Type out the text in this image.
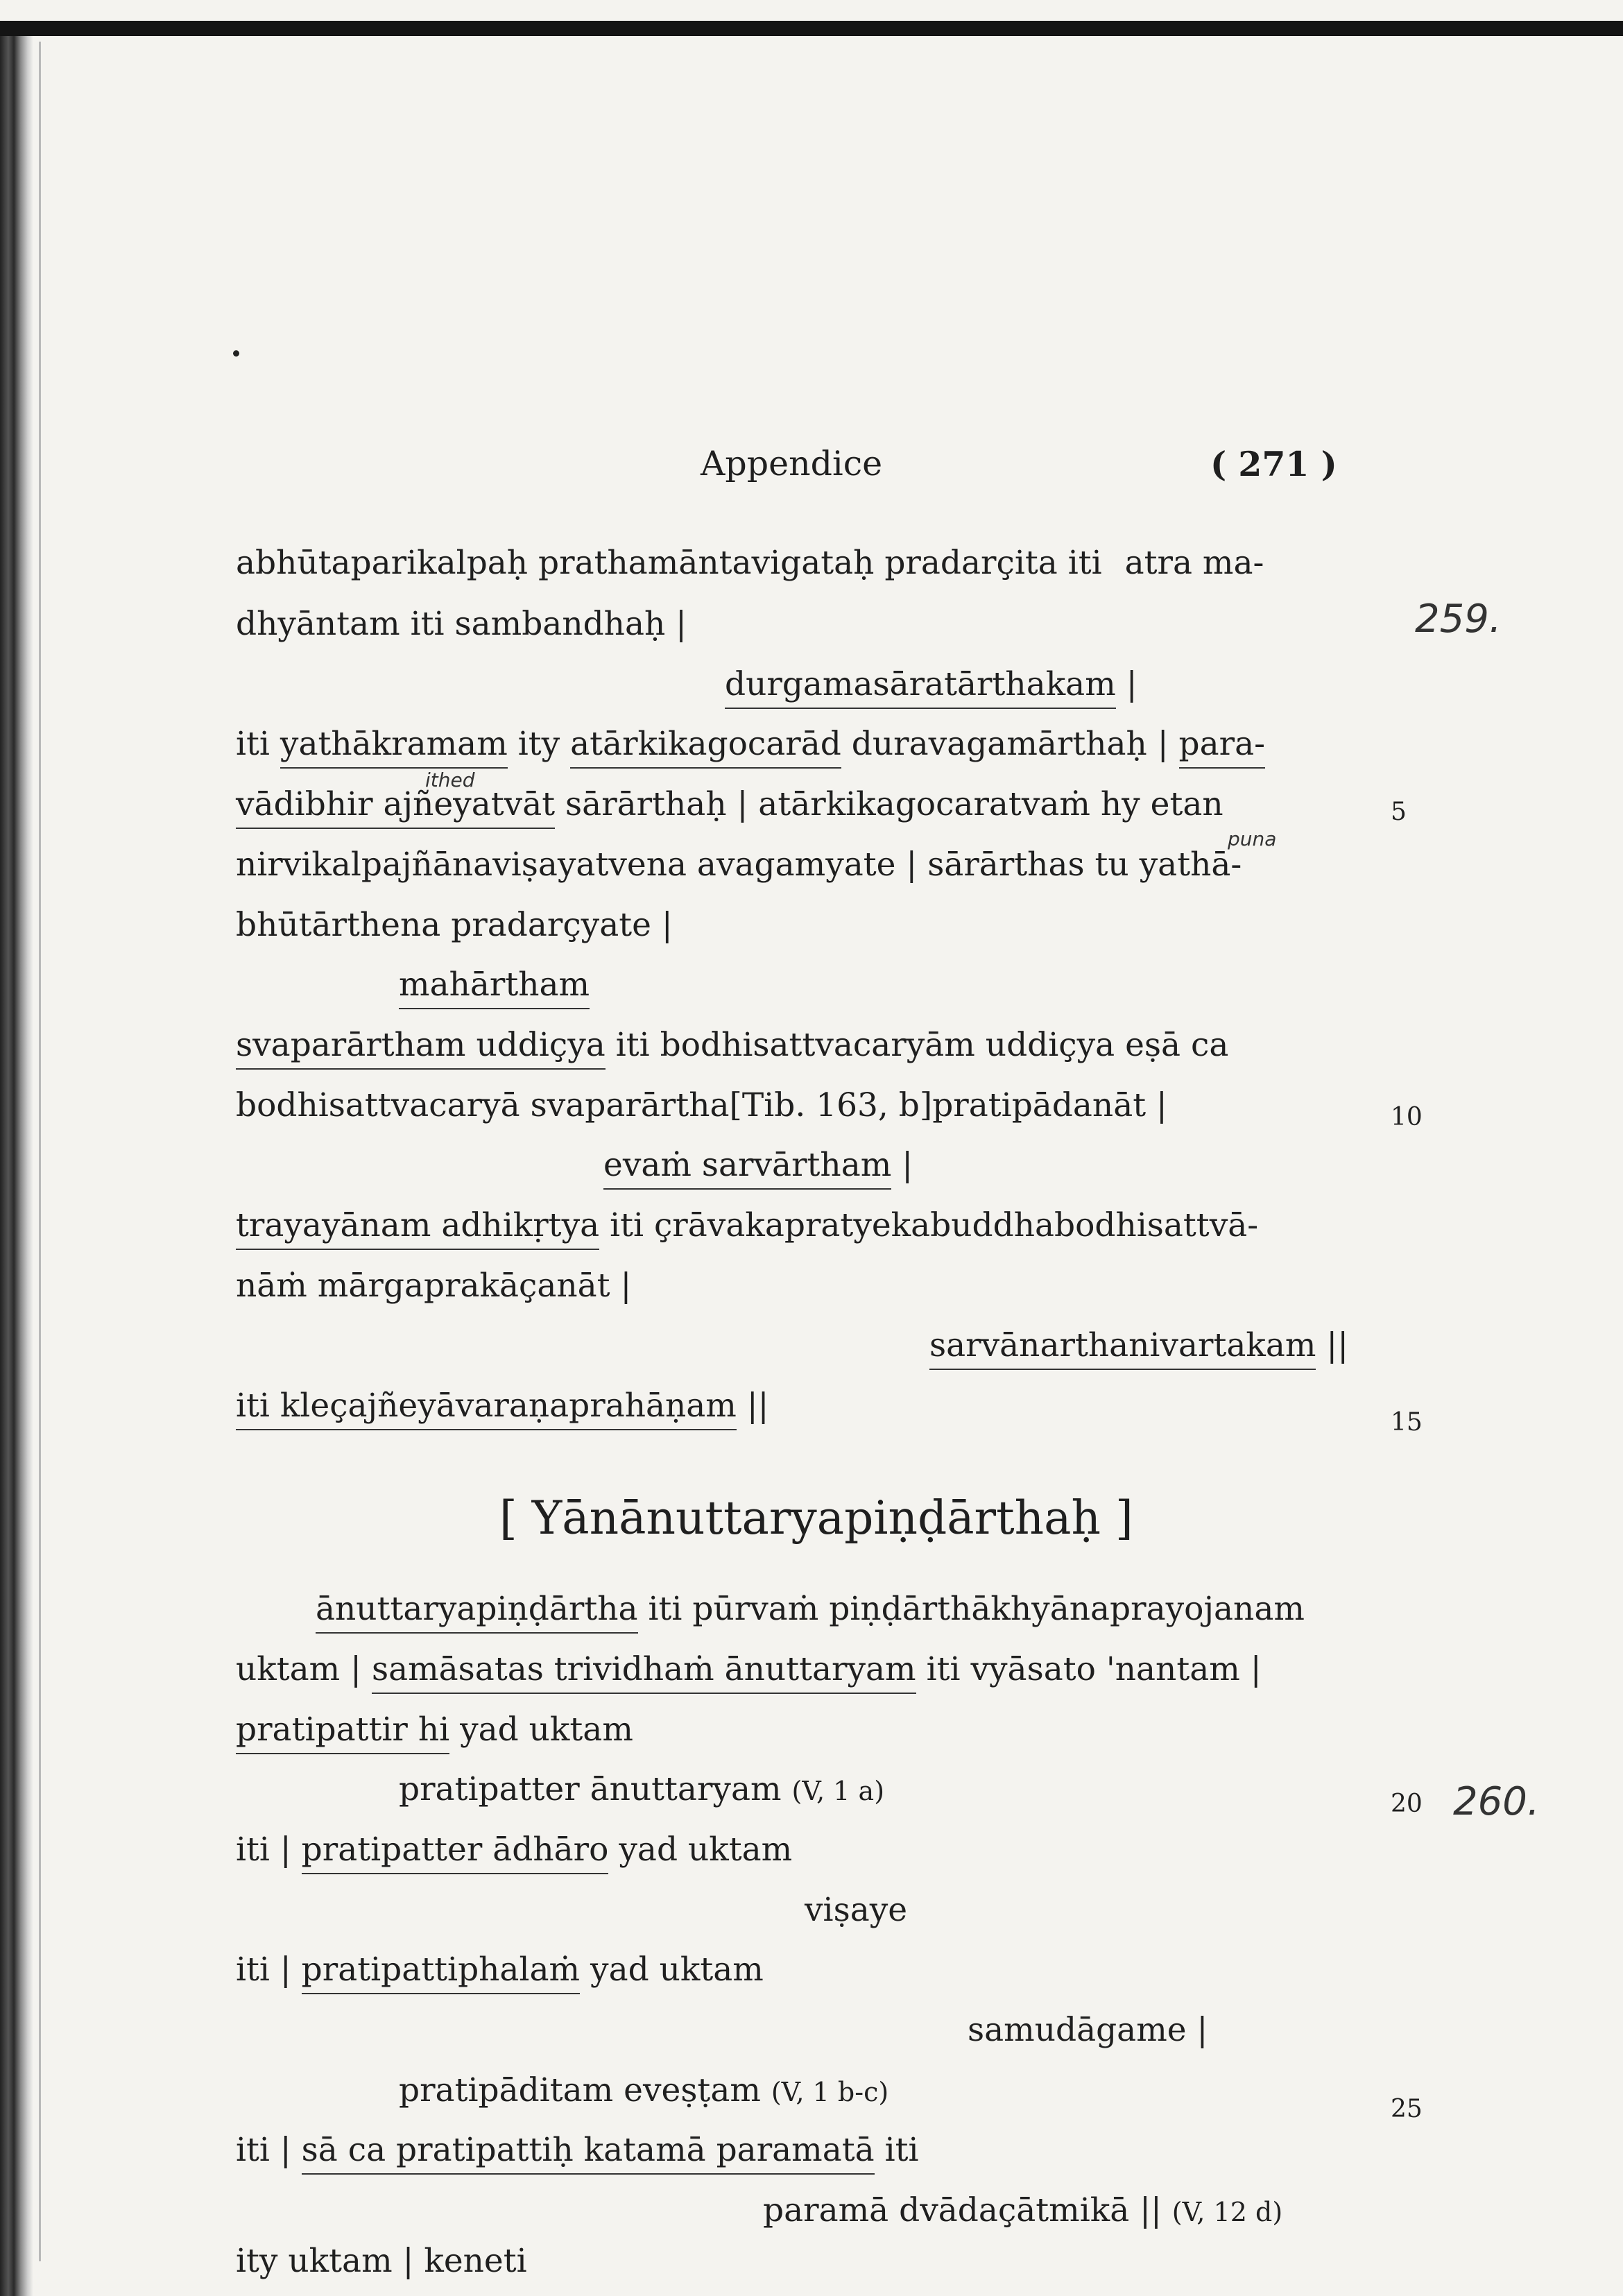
Appendice	( 271 )
259.
260.
ithed
puna
5
10
15
20
25
abhūtaparikalpaḥ prathamāntavigataḥ pradarçita iti atra ma-
dhyāntam iti sambandhaḥ |
durgamasāratārthakam |
iti yathākramam ity atārkikagocarād duravagamārthaḥ | para-
vādibhir ajñeyatvāt sārārthaḥ | atārkikagocaratvaṁ hy etan
nirvikalpajñānaviṣayatvena avagamyate | sārārthas tu yathā-
bhūtārthena pradarçyate |
mahārtham
svaparārtham uddiçya iti bodhisattvacaryām uddiçya eṣā ca
bodhisattvacaryā svaparārtha[Tib. 163, b]pratipādanāt |
evaṁ sarvārtham |
trayayānam adhikṛtya iti çrāvakapratyekabuddhabodhisattvā-
nāṁ mārgaprakāçanāt |
sarvānarthanivartakam ||
iti kleçajñeyāvaraṇaprahāṇam ||
[ Yānānuttaryapiṇḍārthaḥ ]
ānuttaryapiṇḍārtha iti pūrvaṁ piṇḍārthākhyānaprayojanam
uktam | samāsatas trividhaṁ ānuttaryam iti vyāsato 'nantam |
pratipattir hi yad uktam
pratipatter ānuttaryam (V, 1 a)
iti | pratipatter ādhāro yad uktam
viṣaye
iti | pratipattiphalaṁ yad uktam
samudāgame |
pratipāditam eveṣṭam (V, 1 b-c)
iti | sā ca pratipattiḥ katamā paramatā iti
paramā dvādaçātmikā || (V, 12 d)
ity uktam | keneti
